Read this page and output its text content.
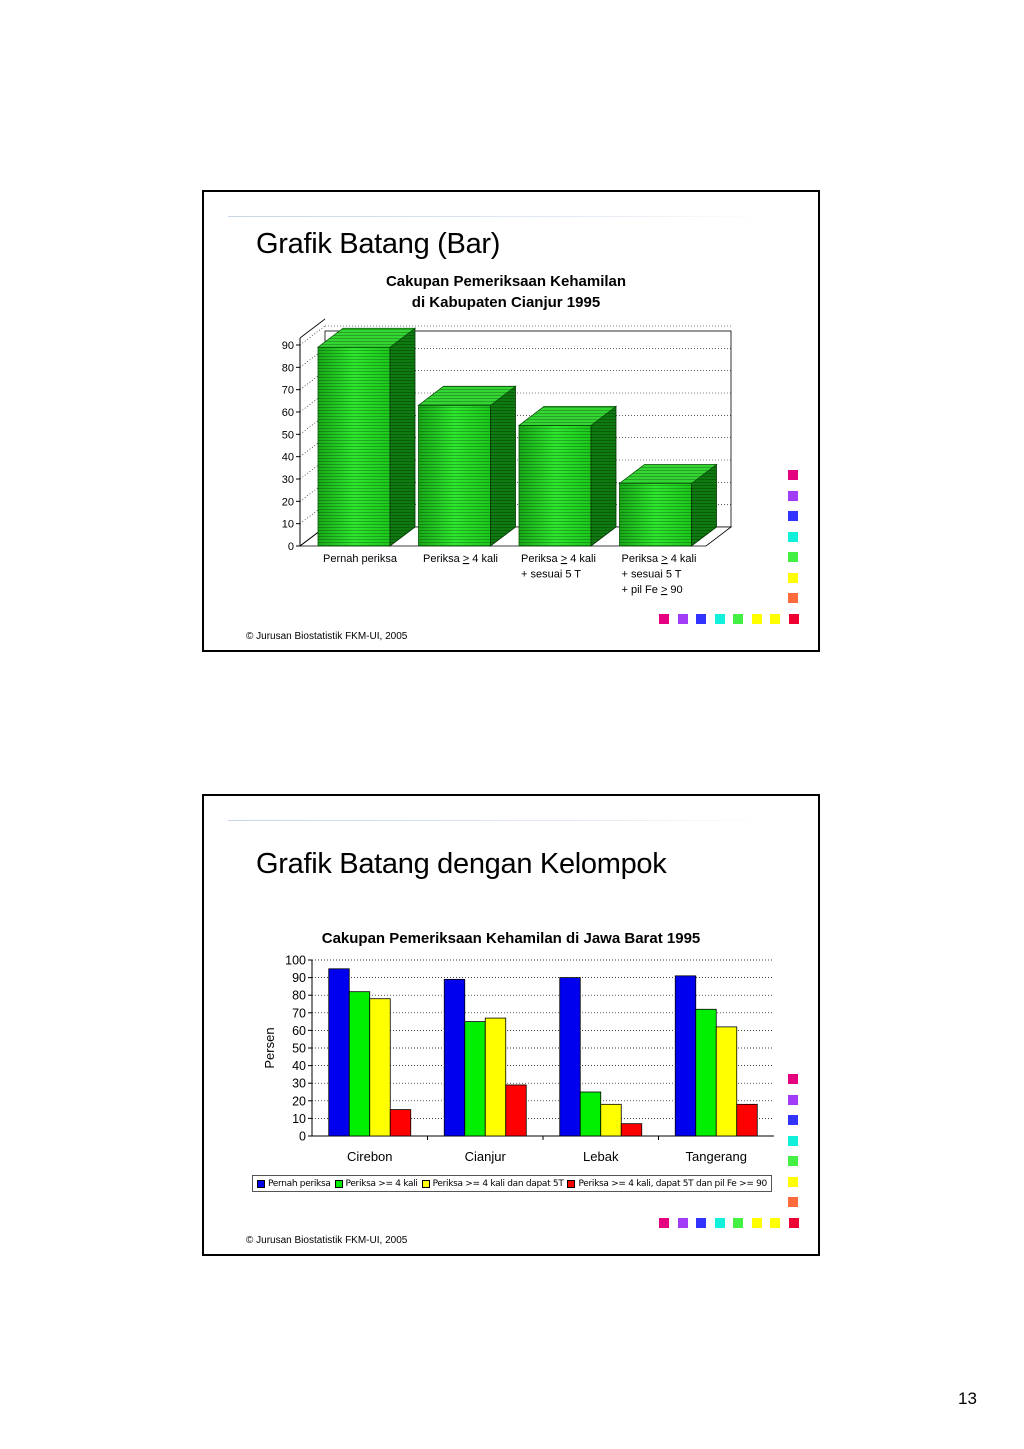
Grafik Batang (Bar)
Cakupan Pemeriksaan Kehamilan
di Kabupaten Cianjur 1995
0
10
20
30
40
50
60
70
80
90
Pernah periksa Periksa > 4 kali Periksa > 4 kali
+ sesuai 5 T
Periksa > 4 kali
+ sesuai 5 T
+ pil Fe > 90
© Jurusan Biostatistik FKM-UI, 2005
Grafik Batang dengan Kelompok
Cakupan Pemeriksaan Kehamilan di Jawa Barat 1995
Persen
0
10
20
30
40
50
60
70
80
90
100
Cirebon	Cianjur	Lebak	Tangerang
Pernah periksa Periksa >= 4 kali Periksa >= 4 kali dan dapat 5T Periksa >= 4 kali, dapat 5T dan pil Fe >= 90
© Jurusan Biostatistik FKM-UI, 2005
13
